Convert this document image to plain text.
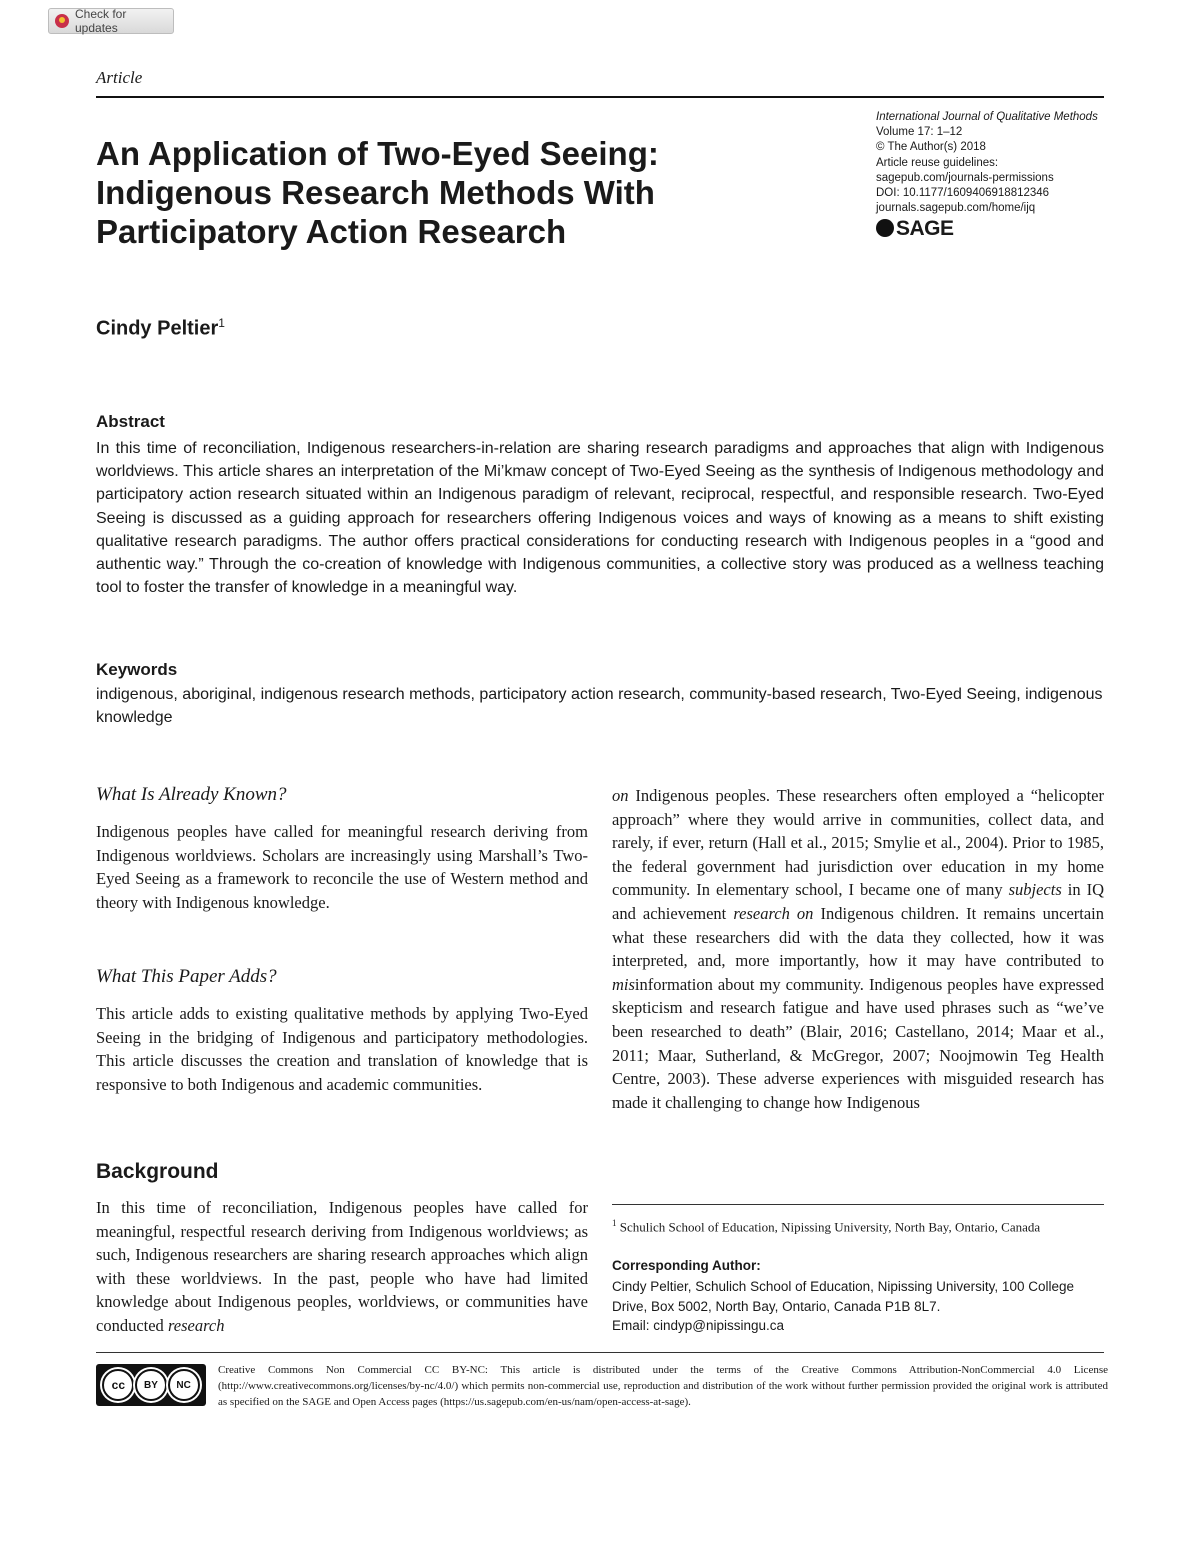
Check for updates
Article
An Application of Two-Eyed Seeing:
Indigenous Research Methods With
Participatory Action Research
International Journal of Qualitative Methods
Volume 17: 1–12
© The Author(s) 2018
Article reuse guidelines:
sagepub.com/journals-permissions
DOI: 10.1177/1609406918812346
journals.sagepub.com/home/ijq
SAGE
Cindy Peltier$^1$
Abstract

In this time of reconciliation, Indigenous researchers-in-relation are sharing research paradigms and approaches that align with Indigenous worldviews. This article shares an interpretation of the Mi’kmaw concept of Two-Eyed Seeing as the synthesis of Indigenous methodology and participatory action research situated within an Indigenous paradigm of relevant, reciprocal, respectful, and responsible research. Two-Eyed Seeing is discussed as a guiding approach for researchers offering Indigenous voices and ways of knowing as a means to shift existing qualitative research paradigms. The author offers practical considerations for conducting research with Indigenous peoples in a “good and authentic way.” Through the co-creation of knowledge with Indigenous communities, a collective story was produced as a wellness teaching tool to foster the transfer of knowledge in a meaningful way.

Keywords

indigenous, aboriginal, indigenous research methods, participatory action research, community-based research, Two-Eyed Seeing, indigenous knowledge

What Is Already Known?

Indigenous peoples have called for meaningful research deriving from Indigenous worldviews. Scholars are increasingly using Marshall’s Two-Eyed Seeing as a framework to reconcile the use of Western method and theory with Indigenous knowledge.

What This Paper Adds?

This article adds to existing qualitative methods by applying Two-Eyed Seeing in the bridging of Indigenous and participatory methodologies. This article discusses the creation and translation of knowledge that is responsive to both Indigenous and academic communities.

Background

In this time of reconciliation, Indigenous peoples have called for meaningful, respectful research deriving from Indigenous worldviews; as such, Indigenous researchers are sharing research approaches which align with these worldviews. In the past, people who have had limited knowledge about Indigenous peoples, worldviews, or communities have conducted research

on Indigenous peoples. These researchers often employed a “helicopter approach” where they would arrive in communities, collect data, and rarely, if ever, return (Hall et al., 2015; Smylie et al., 2004). Prior to 1985, the federal government had jurisdiction over education in my home community. In elementary school, I became one of many subjects in IQ and achievement research on Indigenous children. It remains uncertain what these researchers did with the data they collected, how it was interpreted, and, more importantly, how it may have contributed to misinformation about my community. Indigenous peoples have expressed skepticism and research fatigue and have used phrases such as “we’ve been researched to death” (Blair, 2016; Castellano, 2014; Maar et al., 2011; Maar, Sutherland, & McGregor, 2007; Noojmowin Teg Health Centre, 2003). These adverse experiences with misguided research has made it challenging to change how Indigenous

$^1$ Schulich School of Education, Nipissing University, North Bay, Ontario, Canada
Corresponding Author:
Cindy Peltier, Schulich School of Education, Nipissing University, 100 College
Drive, Box 5002, North Bay, Ontario, Canada P1B 8L7.
Email: cindyp@nipissingu.ca
cc	BY	NC

Creative Commons Non Commercial CC BY-NC: This article is distributed under the terms of the Creative Commons Attribution-NonCommercial 4.0 License (http://www.creativecommons.org/licenses/by-nc/4.0/) which permits non-commercial use, reproduction and distribution of the work without further permission provided the original work is attributed as specified on the SAGE and Open Access pages (https://us.sagepub.com/en-us/nam/open-access-at-sage).
